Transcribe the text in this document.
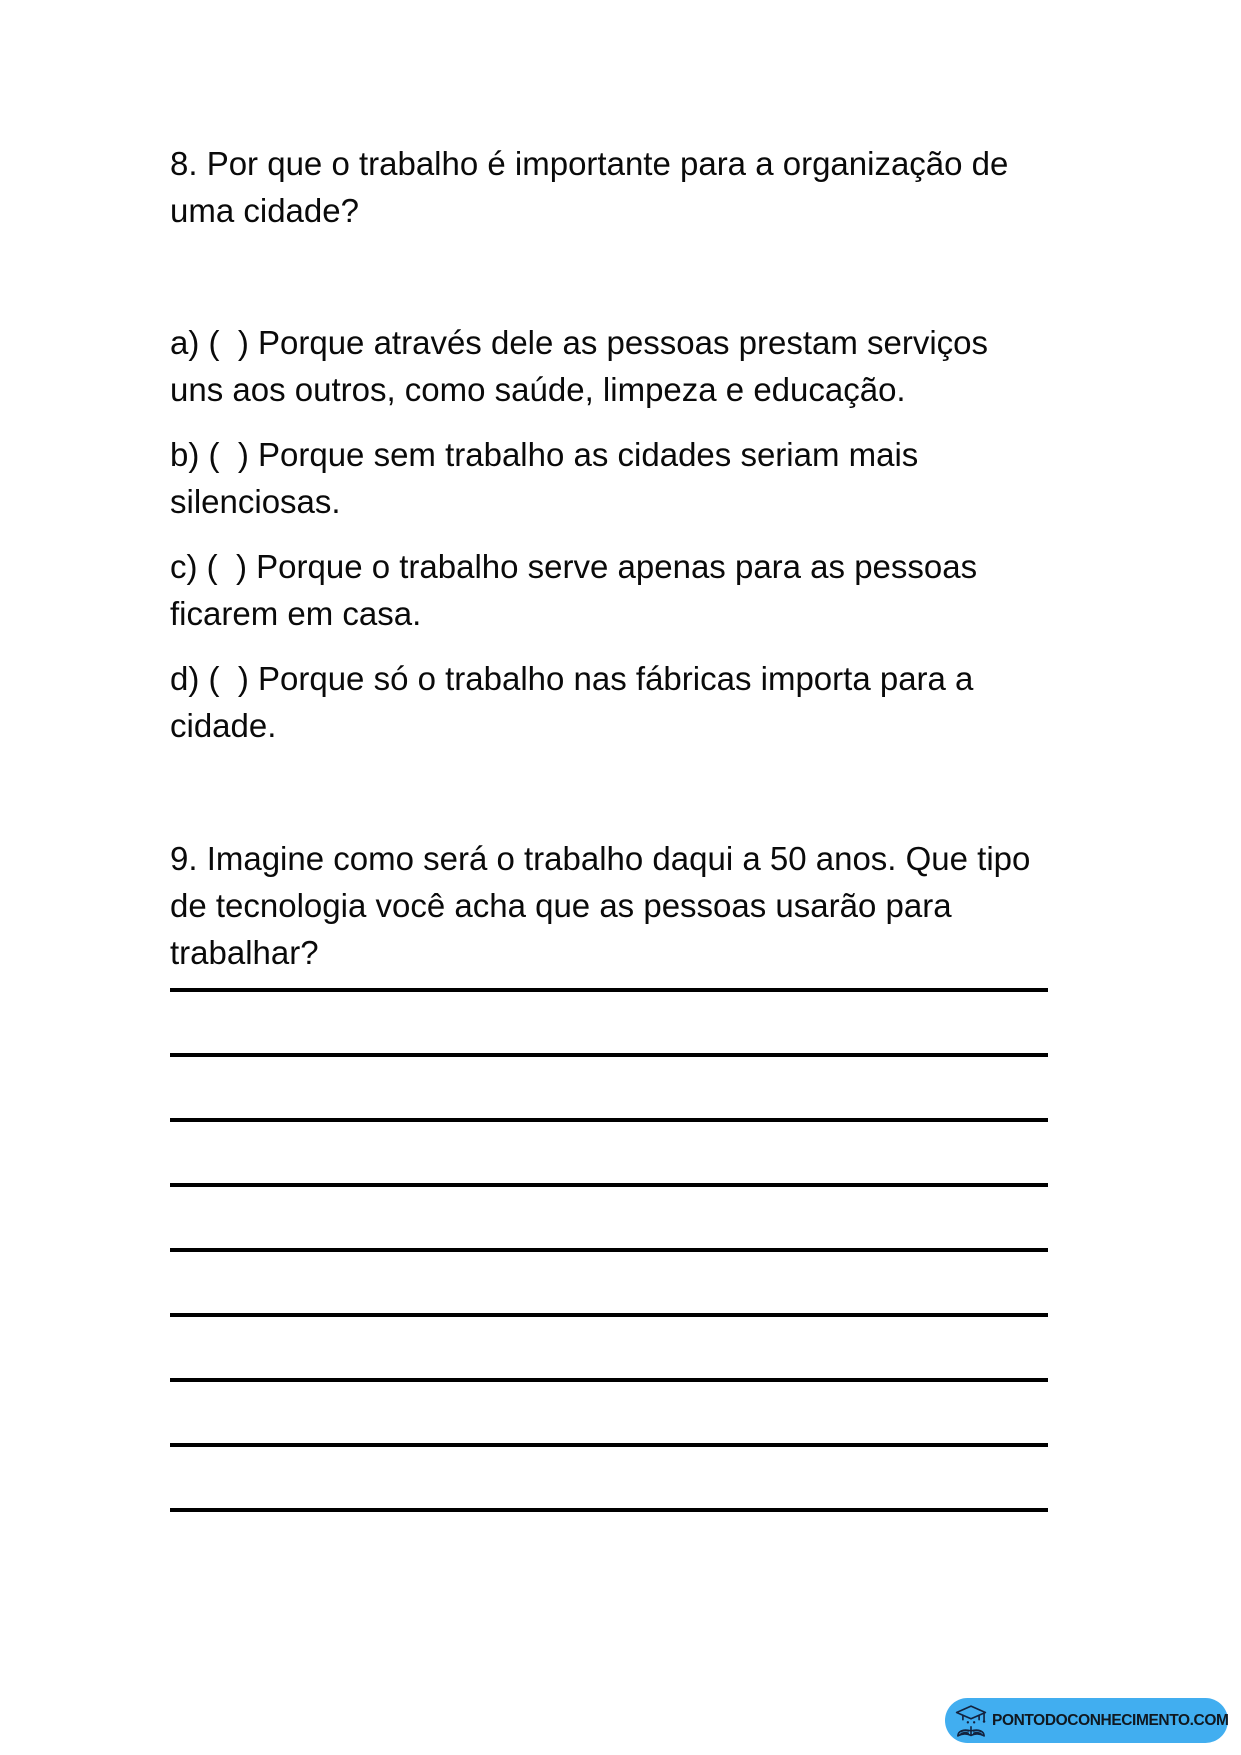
8. Por que o trabalho é importante para a organização de
uma cidade?
a) (  ) Porque através dele as pessoas prestam serviços
uns aos outros, como saúde, limpeza e educação.
b) (  ) Porque sem trabalho as cidades seriam mais
silenciosas.
c) (  ) Porque o trabalho serve apenas para as pessoas
ficarem em casa.
d) (  ) Porque só o trabalho nas fábricas importa para a
cidade.
9. Imagine como será o trabalho daqui a 50 anos. Que tipo
de tecnologia você acha que as pessoas usarão para
trabalhar?
PONTODOCONHECIMENTO.COM
